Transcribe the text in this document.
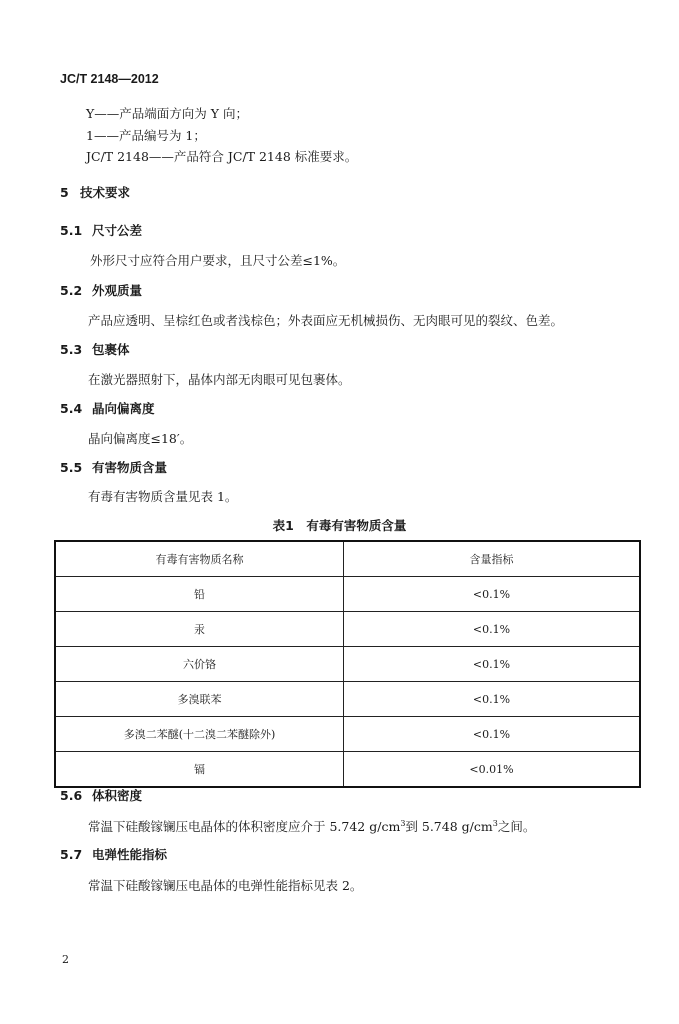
JC/T 2148—2012
Y——产品端面方向为 Y 向；
1——产品编号为 1；
JC/T 2148——产品符合 JC/T 2148 标准要求。
5 技术要求
5.1 尺寸公差
外形尺寸应符合用户要求，且尺寸公差≤1%。
5.2 外观质量
产品应透明、呈棕红色或者浅棕色；外表面应无机械损伤、无肉眼可见的裂纹、色差。
5.3 包裹体
在激光器照射下，晶体内部无肉眼可见包裹体。
5.4 晶向偏离度
晶向偏离度≤18′。
5.5 有害物质含量
有毒有害物质含量见表 1。
表1　有毒有害物质含量
有毒有害物质名称	含量指标
铅	<0.1%
汞	<0.1%
六价铬	<0.1%
多溴联苯	<0.1%
多溴二苯醚(十二溴二苯醚除外)	<0.1%
镉	<0.01%
5.6 体积密度
常温下硅酸镓镧压电晶体的体积密度应介于 5.742 $g/cm^3$到 5.748 $g/cm^3$之间。
5.7 电弹性能指标
常温下硅酸镓镧压电晶体的电弹性能指标见表 2。
2
